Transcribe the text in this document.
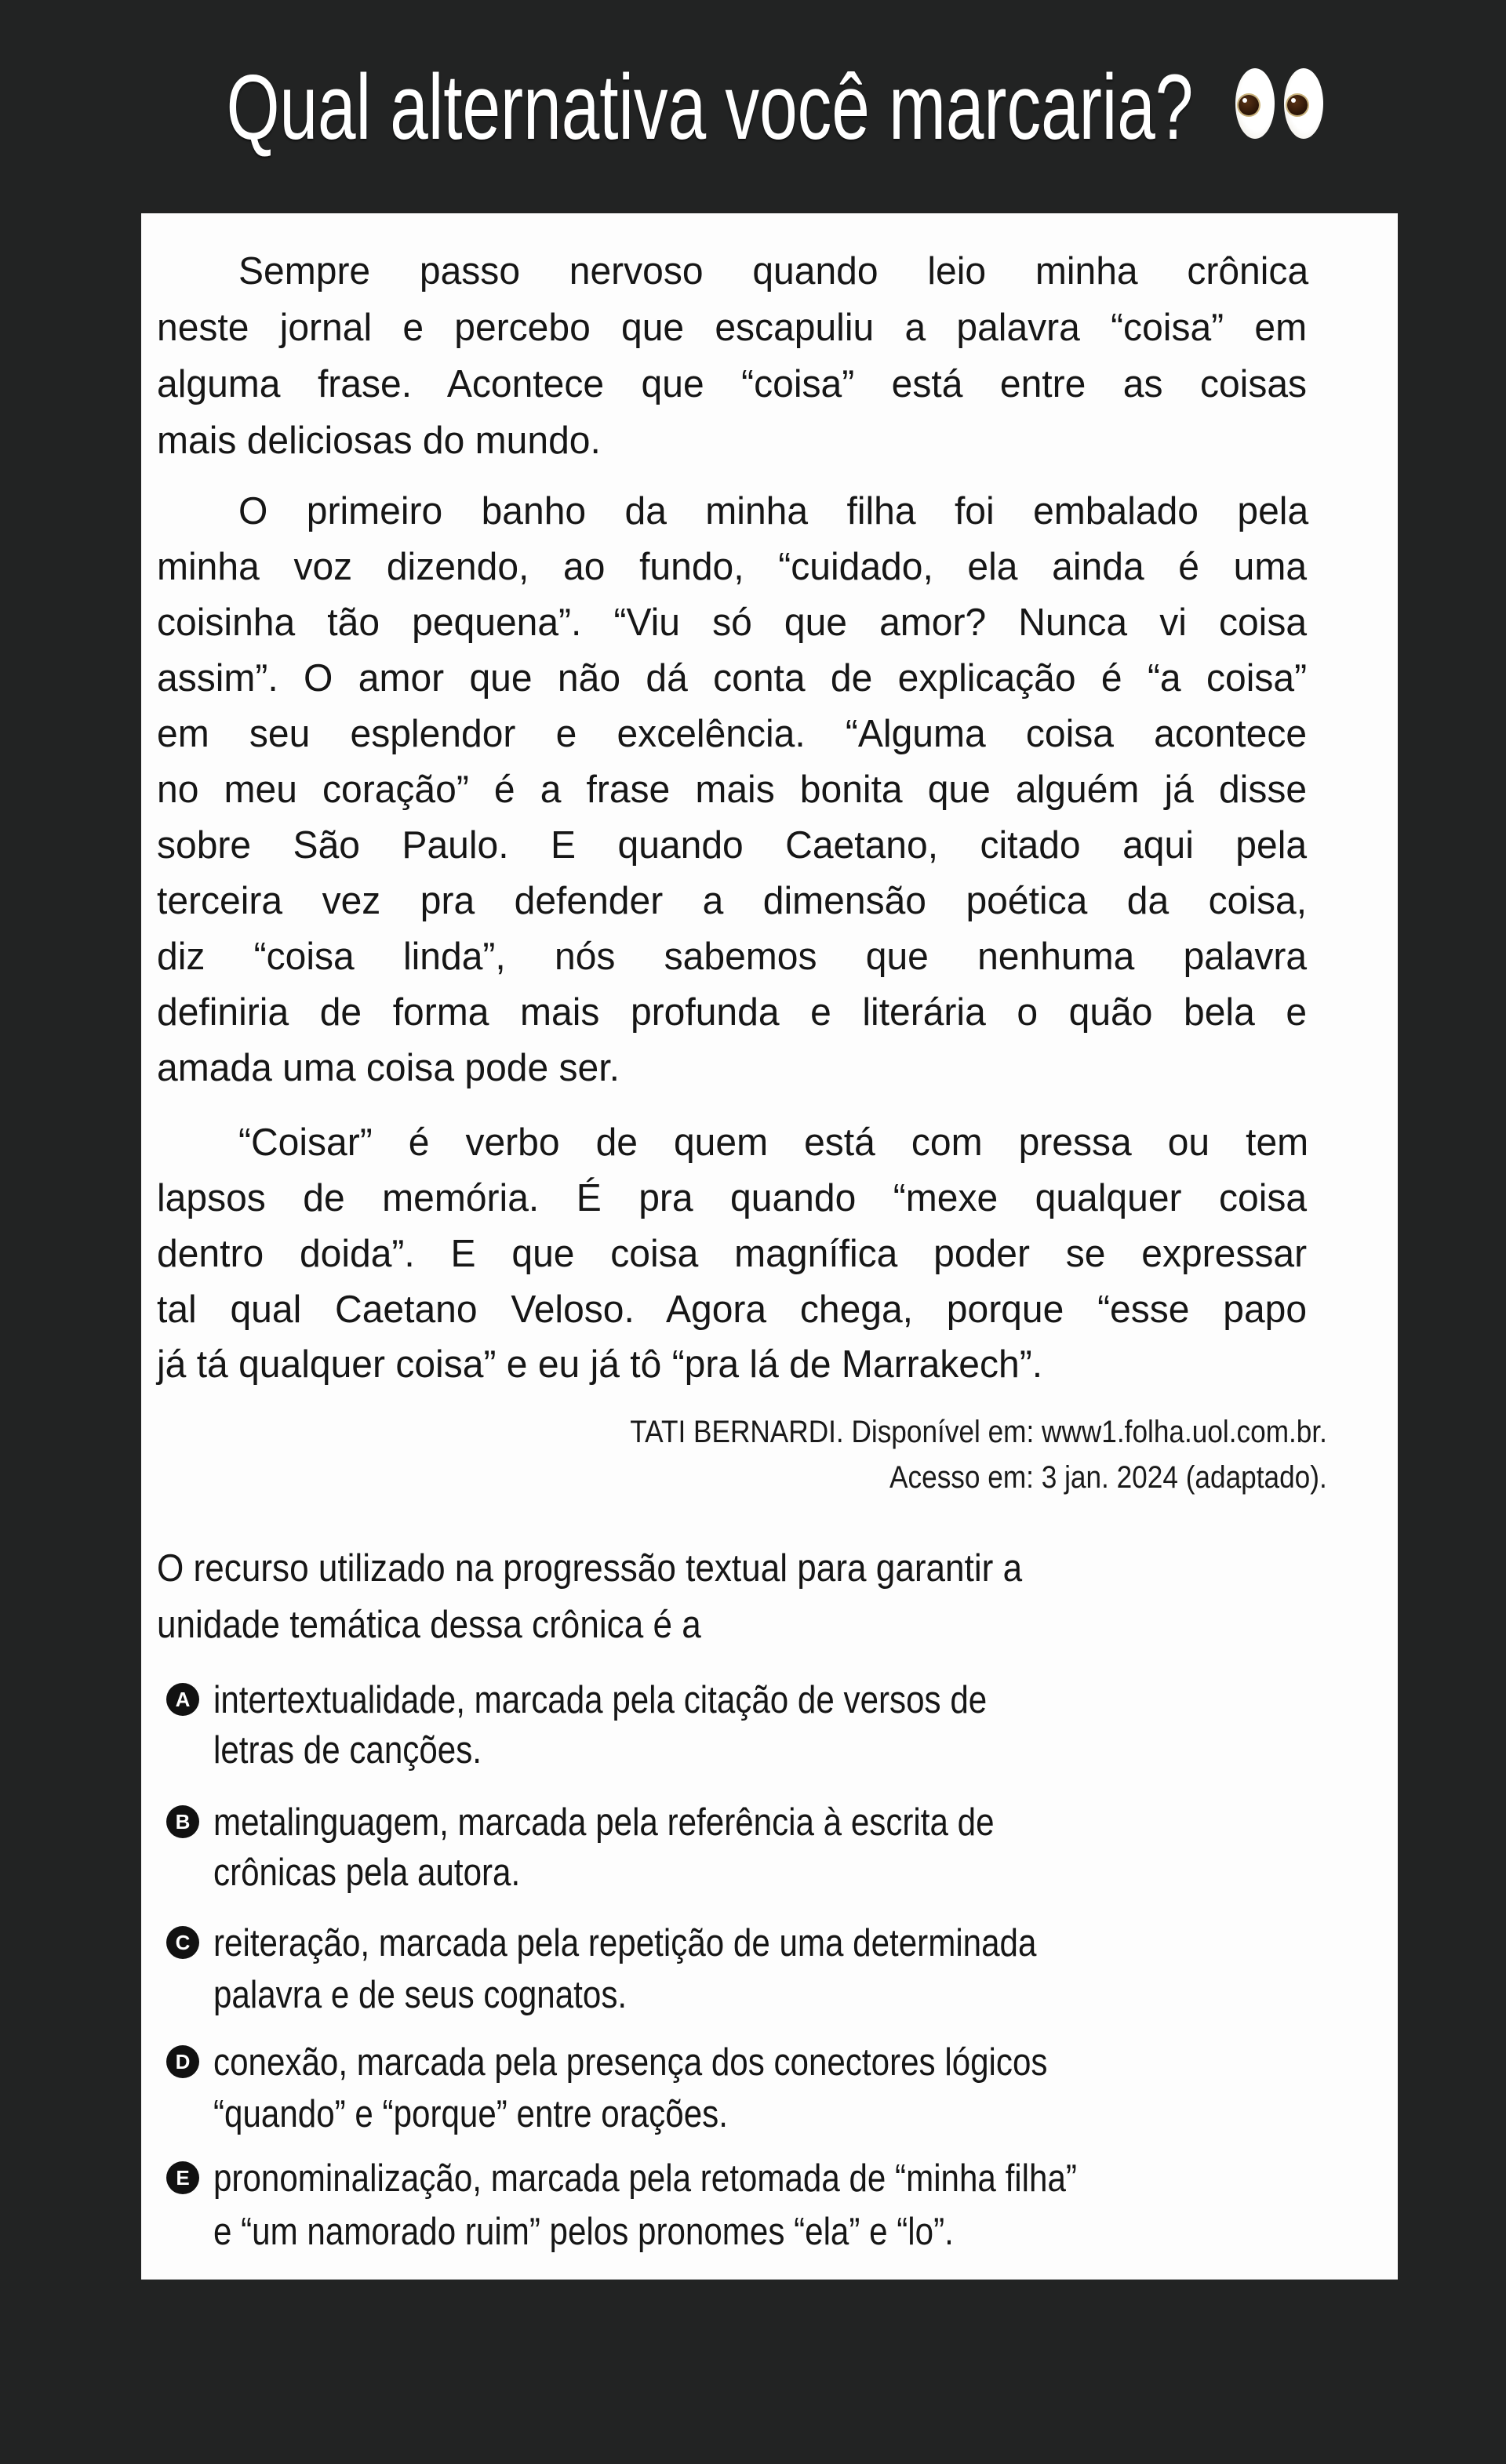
Qual alternativa você marcaria?
Sempre passo nervoso quando leio minha crônica
neste jornal e percebo que escapuliu a palavra “coisa” em
alguma frase. Acontece que “coisa” está entre as coisas
mais deliciosas do mundo.
O primeiro banho da minha filha foi embalado pela
minha voz dizendo, ao fundo, “cuidado, ela ainda é uma
coisinha tão pequena”. “Viu só que amor? Nunca vi coisa
assim”. O amor que não dá conta de explicação é “a coisa”
em seu esplendor e excelência. “Alguma coisa acontece
no meu coração” é a frase mais bonita que alguém já disse
sobre São Paulo. E quando Caetano, citado aqui pela
terceira vez pra defender a dimensão poética da coisa,
diz “coisa linda”, nós sabemos que nenhuma palavra
definiria de forma mais profunda e literária o quão bela e
amada uma coisa pode ser.
“Coisar” é verbo de quem está com pressa ou tem
lapsos de memória. É pra quando “mexe qualquer coisa
dentro doida”. E que coisa magnífica poder se expressar
tal qual Caetano Veloso. Agora chega, porque “esse papo
já tá qualquer coisa” e eu já tô “pra lá de Marrakech”.
TATI BERNARDI. Disponível em: www1.folha.uol.com.br.
Acesso em: 3 jan. 2024 (adaptado).
O recurso utilizado na progressão textual para garantir a
unidade temática dessa crônica é a
A intertextualidade, marcada pela citação de versos de
letras de canções.
B metalinguagem, marcada pela referência à escrita de
crônicas pela autora.
C reiteração, marcada pela repetição de uma determinada
palavra e de seus cognatos.
D conexão, marcada pela presença dos conectores lógicos
“quando” e “porque” entre orações.
E pronominalização, marcada pela retomada de “minha filha”
e “um namorado ruim” pelos pronomes “ela” e “lo”.
